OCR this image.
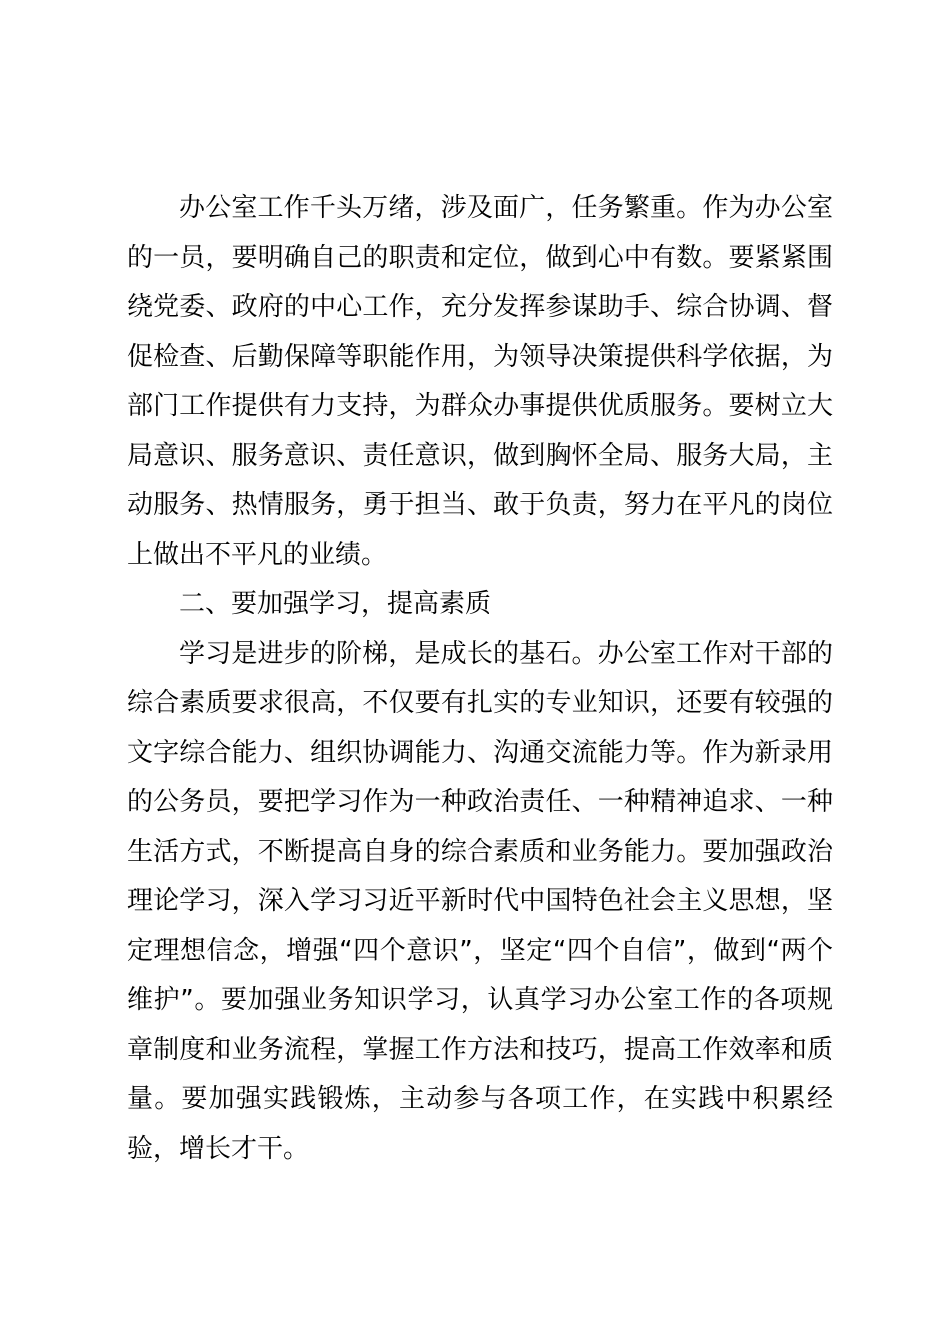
办公室工作千头万绪，涉及面广，任务繁重。作为办公室的一员，要明确自己的职责和定位，做到心中有数。要紧紧围绕党委、政府的中心工作，充分发挥参谋助手、综合协调、督促检查、后勤保障等职能作用，为领导决策提供科学依据，为部门工作提供有力支持，为群众办事提供优质服务。要树立大局意识、服务意识、责任意识，做到胸怀全局、服务大局，主动服务、热情服务，勇于担当、敢于负责，努力在平凡的岗位上做出不平凡的业绩。

二、要加强学习，提高素质

学习是进步的阶梯，是成长的基石。办公室工作对干部的综合素质要求很高，不仅要有扎实的专业知识，还要有较强的文字综合能力、组织协调能力、沟通交流能力等。作为新录用的公务员，要把学习作为一种政治责任、一种精神追求、一种生活方式，不断提高自身的综合素质和业务能力。要加强政治理论学习，深入学习习近平新时代中国特色社会主义思想，坚定理想信念，增强“四个意识”，坚定“四个自信”，做到“两个维护”。要加强业务知识学习，认真学习办公室工作的各项规章制度和业务流程，掌握工作方法和技巧，提高工作效率和质量。要加强实践锻炼，主动参与各项工作，在实践中积累经验，增长才干。
